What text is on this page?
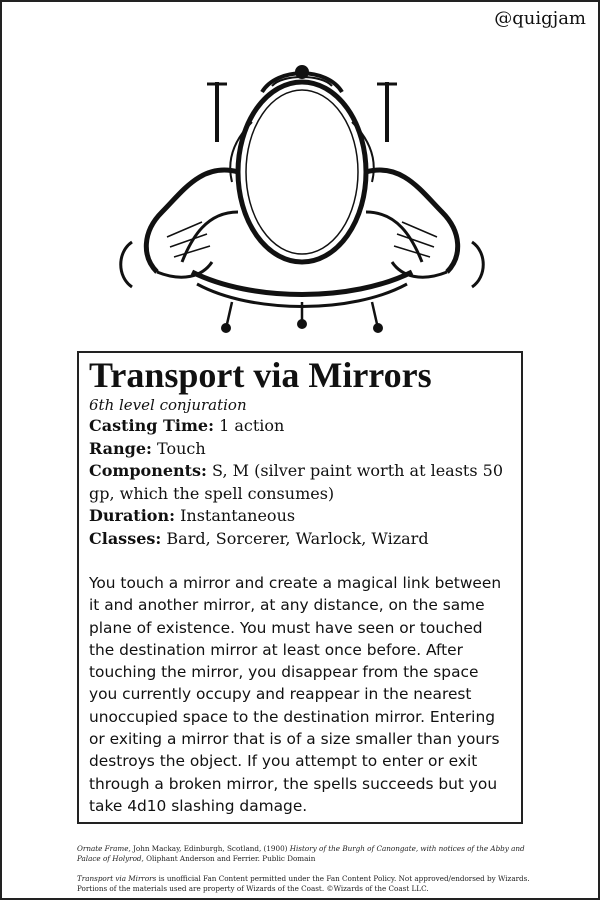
@quigjam
Transport via Mirrors

6th level conjuration

Casting Time: 1 action

Range: Touch

Components: S, M (silver paint worth at leasts 50 gp, which the spell consumes)

Duration: Instantaneous

Classes: Bard, Sorcerer, Warlock, Wizard

You touch a mirror and create a magical link between it and another mirror, at any distance, on the same plane of existence. You must have seen or touched the destination mirror at least once before. After touching the mirror, you disappear from the space you currently occupy and reappear in the nearest unoccupied space to the destination mirror. Entering or exiting a mirror that is of a size smaller than yours destroys the object. If you attempt to enter or exit through a broken mirror, the spells succeeds but you take 4d10 slashing damage.
Ornate Frame, John Mackay, Edinburgh, Scotland, (1900) History of the Burgh of Canongate, with notices of the Abby and Palace of Holyrod, Oliphant Anderson and Ferrier. Public Domain
Transport via Mirrors is unofficial Fan Content permitted under the Fan Content Policy. Not approved/endorsed by Wizards. Portions of the materials used are property of Wizards of the Coast. ©Wizards of the Coast LLC.
